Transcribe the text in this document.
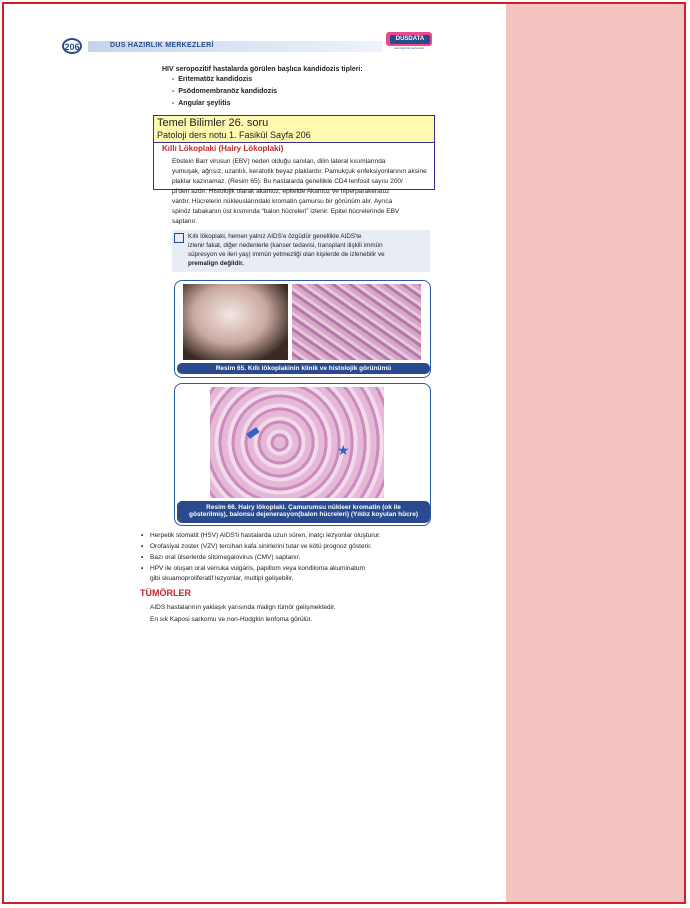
206	DUS HAZIRLIK MERKEZLERİ
DUSDATA
dus hazırlık merkezleri
HIV seropozitif hastalarda görülen başlıca kandidozis tipleri:
-  Eritematöz kandidozis
-  Psödomembranöz kandidozis
-  Angular şeylitis
Temel Bilimler 26. soru
Patoloji ders notu 1. Fasikül Sayfa 206
Kıllı Lökoplaki (Hairy Lökoplaki)
Ebstein Barr virusun (EBV) neden olduğu sanılan, dilin lateral kısımlarında
yumuşak, ağrısız, uzantılı, keratotik beyaz plaklardır. Pamukçuk enfeksiyonlarının aksine
plaklar kazınamaz. (Resim 65). Bu hastalarda genellikle CD4 lenfosit sayısı 200/
μl'den azdır. Histolojik olarak akantoz, epitelde Akantoz ve hiperparakeratoz
vardır. Hücrelerin nükleuslarındaki kromatin çamursu bir görünüm alır. Ayrıca
spinöz tabakanın üst kısmında “balon hücreleri” izlenir. Epitel hücrelerinde EBV
saptanır.
Kıllı lökoplaki, hemen yalnız AIDS'e özgüdür genellikle AIDS'te
izlenir fakat, diğer nedenlerle (kanser tedavisi, transplant ilişkili immün
süpresyon ve ileri yaş) immün yetmezliği olan kişilerde de izlenebilir ve
premalign değildir.
Resim 65. Kıllı lökoplakinin klinik ve histolojik görünümü
★
Resim 66. Hairy lökoplaki. Çamurumsu nükleer kromatin (ok ile
gösterilmiş), balonsu dejenerasyon(balon hücreleri) (Yıldız koyulan hücre)
• Herpetik stomatit (HSV) AIDS'li hastalarda uzun süren, inatçı lezyonlar oluşturur.
• Orofasiyal zoster (VZV) tercihan kafa sinirlerini tutar ve kötü prognoz gösterir.
• Bazı oral ülserlerde sitomegalovirus (CMV) saptanır.
• HPV ile oluşan oral verruka vulgaris, papillom veya kondiloma akuminatum
gibi skuamoproliferatif lezyonlar, multipl gelişebilir.
TÜMÖRLER
AIDS hastalarının yaklaşık yarısında malign tümör gelişmektedir.
En sık Kaposi sarkomu ve non-Hodgkin lenfoma görülür.
